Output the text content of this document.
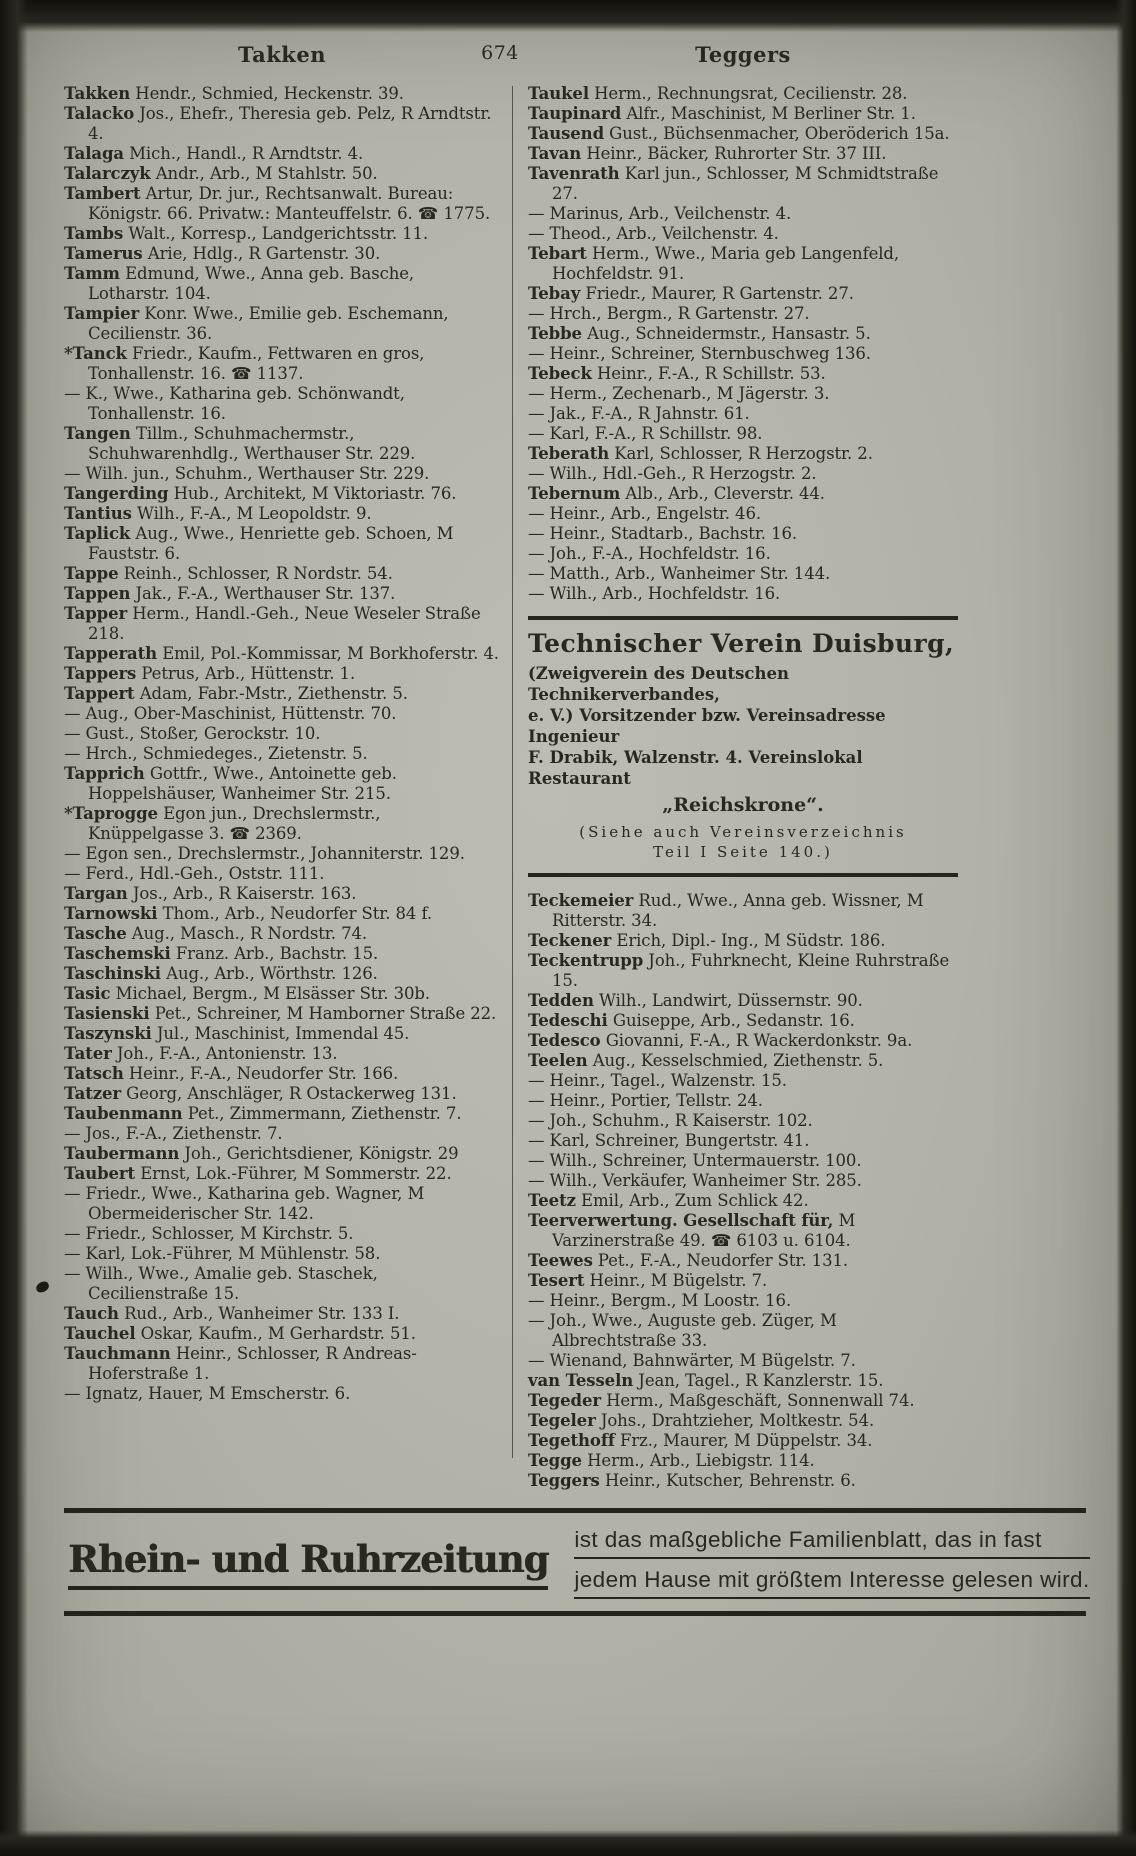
Takken	674	Teggers

Takken Hendr., Schmied, Heckenstr. 39.

Talacko Jos., Ehefr., Theresia geb. Pelz, R Arndtstr. 4.

Talaga Mich., Handl., R Arndtstr. 4.

Talarczyk Andr., Arb., M Stahlstr. 50.

Tambert Artur, Dr. jur., Rechtsanwalt. Bureau: Königstr. 66. Privatw.: Manteuffelstr. 6. ☎ 1775.

Tambs Walt., Korresp., Landgerichtsstr. 11.

Tamerus Arie, Hdlg., R Gartenstr. 30.

Tamm Edmund, Wwe., Anna geb. Basche, Lotharstr. 104.

Tampier Konr. Wwe., Emilie geb. Eschemann, Cecilienstr. 36.

*Tanck Friedr., Kaufm., Fettwaren en gros, Tonhallenstr. 16. ☎ 1137.

— K., Wwe., Katharina geb. Schönwandt, Tonhallenstr. 16.

Tangen Tillm., Schuhmachermstr., Schuhwarenhdlg., Werthauser Str. 229.

— Wilh. jun., Schuhm., Werthauser Str. 229.

Tangerding Hub., Architekt, M Viktoriastr. 76.

Tantius Wilh., F.-A., M Leopoldstr. 9.

Taplick Aug., Wwe., Henriette geb. Schoen, M Fauststr. 6.

Tappe Reinh., Schlosser, R Nordstr. 54.

Tappen Jak., F.-A., Werthauser Str. 137.

Tapper Herm., Handl.-Geh., Neue Weseler Straße 218.

Tapperath Emil, Pol.-Kommissar, M Borkhoferstr. 4.

Tappers Petrus, Arb., Hüttenstr. 1.

Tappert Adam, Fabr.-Mstr., Ziethenstr. 5.

— Aug., Ober-Maschinist, Hüttenstr. 70.

— Gust., Stoßer, Gerockstr. 10.

— Hrch., Schmiedeges., Zietenstr. 5.

Tapprich Gottfr., Wwe., Antoinette geb. Hoppelshäuser, Wanheimer Str. 215.

*Taprogge Egon jun., Drechslermstr., Knüppelgasse 3. ☎ 2369.

— Egon sen., Drechslermstr., Johanniterstr. 129.

— Ferd., Hdl.-Geh., Oststr. 111.

Targan Jos., Arb., R Kaiserstr. 163.

Tarnowski Thom., Arb., Neudorfer Str. 84 f.

Tasche Aug., Masch., R Nordstr. 74.

Taschemski Franz. Arb., Bachstr. 15.

Taschinski Aug., Arb., Wörthstr. 126.

Tasic Michael, Bergm., M Elsässer Str. 30b.

Tasienski Pet., Schreiner, M Hamborner Straße 22.

Taszynski Jul., Maschinist, Immendal 45.

Tater Joh., F.-A., Antonienstr. 13.

Tatsch Heinr., F.-A., Neudorfer Str. 166.

Tatzer Georg, Anschläger, R Ostackerweg 131.

Taubenmann Pet., Zimmermann, Ziethenstr. 7.

— Jos., F.-A., Ziethenstr. 7.

Taubermann Joh., Gerichtsdiener, Königstr. 29

Taubert Ernst, Lok.-Führer, M Sommerstr. 22.

— Friedr., Wwe., Katharina geb. Wagner, M Obermeiderischer Str. 142.

— Friedr., Schlosser, M Kirchstr. 5.

— Karl, Lok.-Führer, M Mühlenstr. 58.

— Wilh., Wwe., Amalie geb. Staschek, Cecilienstraße 15.

Tauch Rud., Arb., Wanheimer Str. 133 I.

Tauchel Oskar, Kaufm., M Gerhardstr. 51.

Tauchmann Heinr., Schlosser, R Andreas-Hoferstraße 1.

— Ignatz, Hauer, M Emscherstr. 6.

Taukel Herm., Rechnungsrat, Cecilienstr. 28.

Taupinard Alfr., Maschinist, M Berliner Str. 1.

Tausend Gust., Büchsenmacher, Oberöderich 15a.

Tavan Heinr., Bäcker, Ruhrorter Str. 37 III.

Tavenrath Karl jun., Schlosser, M Schmidtstraße 27.

— Marinus, Arb., Veilchenstr. 4.

— Theod., Arb., Veilchenstr. 4.

Tebart Herm., Wwe., Maria geb Langenfeld, Hochfeldstr. 91.

Tebay Friedr., Maurer, R Gartenstr. 27.

— Hrch., Bergm., R Gartenstr. 27.

Tebbe Aug., Schneidermstr., Hansastr. 5.

— Heinr., Schreiner, Sternbuschweg 136.

Tebeck Heinr., F.-A., R Schillstr. 53.

— Herm., Zechenarb., M Jägerstr. 3.

— Jak., F.-A., R Jahnstr. 61.

— Karl, F.-A., R Schillstr. 98.

Teberath Karl, Schlosser, R Herzogstr. 2.

— Wilh., Hdl.-Geh., R Herzogstr. 2.

Tebernum Alb., Arb., Cleverstr. 44.

— Heinr., Arb., Engelstr. 46.

— Heinr., Stadtarb., Bachstr. 16.

— Joh., F.-A., Hochfeldstr. 16.

— Matth., Arb., Wanheimer Str. 144.

— Wilh., Arb., Hochfeldstr. 16.

Technischer Verein Duisburg,
(Zweigverein des Deutschen Technikerverbandes,
e. V.) Vorsitzender bzw. Vereinsadresse Ingenieur
F. Drabik, Walzenstr. 4. Vereinslokal Restaurant
„Reichskrone“.
(Siehe auch Vereinsverzeichnis
Teil I Seite 140.)

Teckemeier Rud., Wwe., Anna geb. Wissner, M Ritterstr. 34.

Teckener Erich, Dipl.- Ing., M Südstr. 186.

Teckentrupp Joh., Fuhrknecht, Kleine Ruhrstraße 15.

Tedden Wilh., Landwirt, Düssernstr. 90.

Tedeschi Guiseppe, Arb., Sedanstr. 16.

Tedesco Giovanni, F.-A., R Wackerdonkstr. 9a.

Teelen Aug., Kesselschmied, Ziethenstr. 5.

— Heinr., Tagel., Walzenstr. 15.

— Heinr., Portier, Tellstr. 24.

— Joh., Schuhm., R Kaiserstr. 102.

— Karl, Schreiner, Bungertstr. 41.

— Wilh., Schreiner, Untermauerstr. 100.

— Wilh., Verkäufer, Wanheimer Str. 285.

Teetz Emil, Arb., Zum Schlick 42.

Teerverwertung. Gesellschaft für, M Varzinerstraße 49. ☎ 6103 u. 6104.

Teewes Pet., F.-A., Neudorfer Str. 131.

Tesert Heinr., M Bügelstr. 7.

— Heinr., Bergm., M Loostr. 16.

— Joh., Wwe., Auguste geb. Züger, M Albrechtstraße 33.

— Wienand, Bahnwärter, M Bügelstr. 7.

van Tesseln Jean, Tagel., R Kanzlerstr. 15.

Tegeder Herm., Maßgeschäft, Sonnenwall 74.

Tegeler Johs., Drahtzieher, Moltkestr. 54.

Tegethoff Frz., Maurer, M Düppelstr. 34.

Tegge Herm., Arb., Liebigstr. 114.

Teggers Heinr., Kutscher, Behrenstr. 6.

Rhein- und Ruhrzeitung ist das maßgebliche Familienblatt, das in fast
jedem Hause mit größtem Interesse gelesen wird.
